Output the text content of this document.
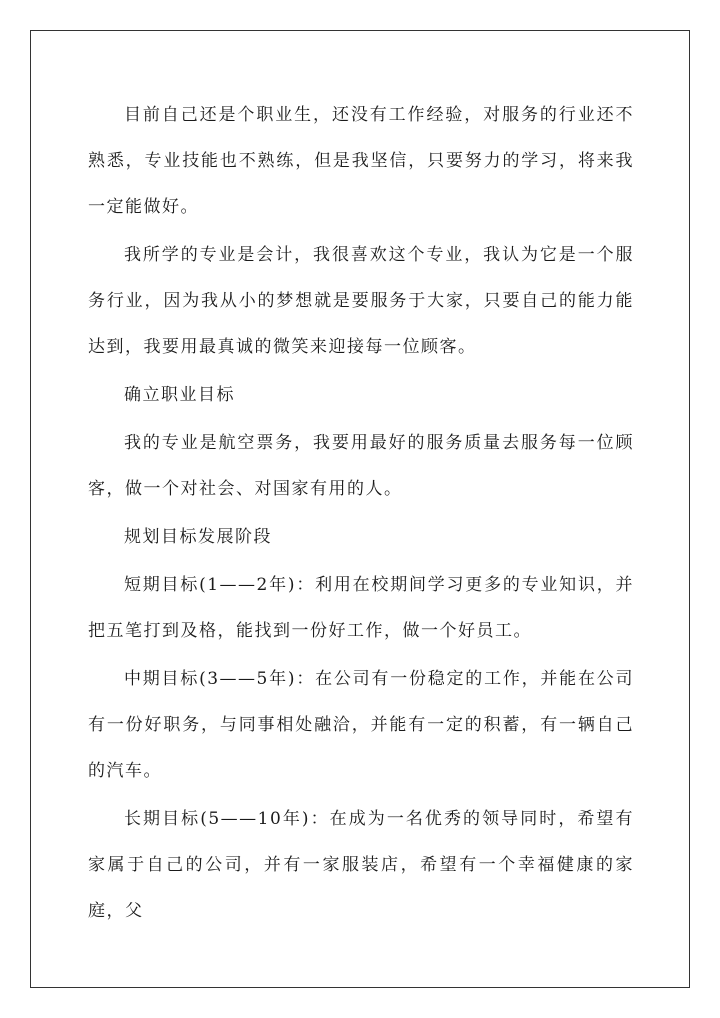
目前自己还是个职业生，还没有工作经验，对服务的行业还不熟悉，专业技能也不熟练，但是我坚信，只要努力的学习，将来我一定能做好。

我所学的专业是会计，我很喜欢这个专业，我认为它是一个服务行业，因为我从小的梦想就是要服务于大家，只要自己的能力能达到，我要用最真诚的微笑来迎接每一位顾客。

确立职业目标

我的专业是航空票务，我要用最好的服务质量去服务每一位顾客，做一个对社会、对国家有用的人。

规划目标发展阶段

短期目标(1——2年)：利用在校期间学习更多的专业知识，并把五笔打到及格，能找到一份好工作，做一个好员工。

中期目标(3——5年)：在公司有一份稳定的工作，并能在公司有一份好职务，与同事相处融洽，并能有一定的积蓄，有一辆自己的汽车。

长期目标(5——10年)：在成为一名优秀的领导同时，希望有家属于自己的公司，并有一家服装店，希望有一个幸福健康的家庭，父
